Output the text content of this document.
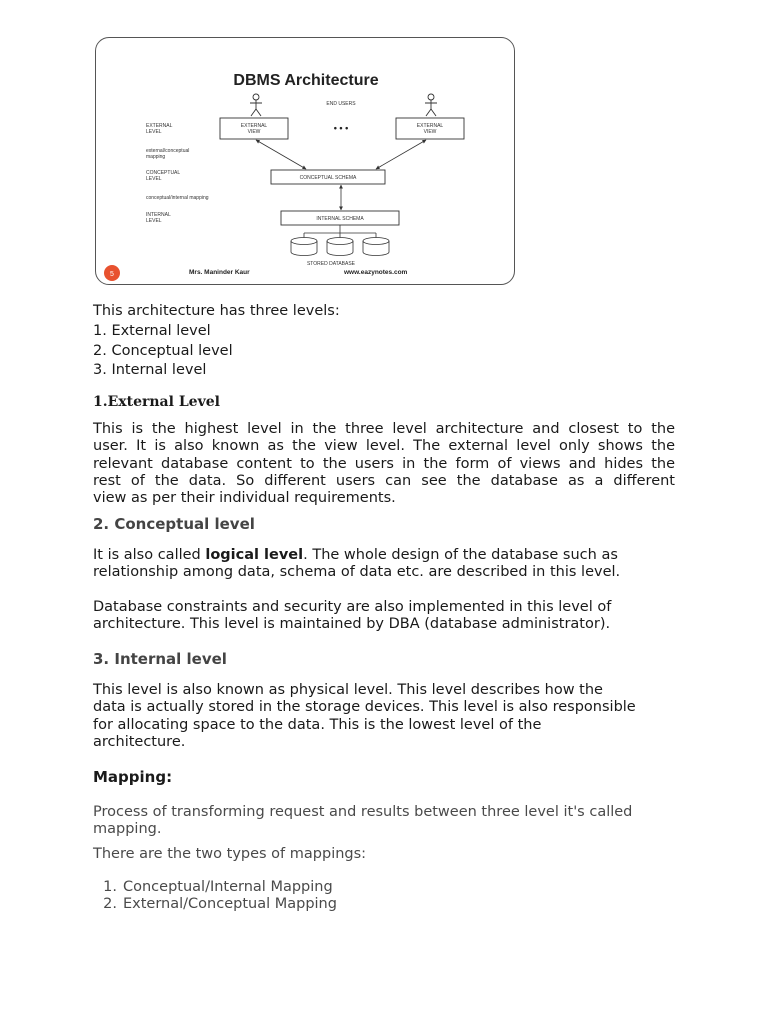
DBMS Architecture
END USERS
EXTERNAL
LEVEL
external/conceptual
mapping
CONCEPTUAL
LEVEL
conceptual/internal mapping
INTERNAL
LEVEL
EXTERNAL
VIEW	• • •	EXTERNAL
VIEW
CONCEPTUAL SCHEMA
INTERNAL SCHEMA
STORED DATABASE
5	Mrs. Maninder Kaur	www.eazynotes.com
This architecture has three levels:
1. External level
2. Conceptual level
3. Internal level
1.External Level
This is the highest level in the three level architecture and closest to the
user. It is also known as the view level. The external level only shows the
relevant database content to the users in the form of views and hides the
rest of the data. So different users can see the database as a different
view as per their individual requirements.
2. Conceptual level
It is also called logical level. The whole design of the database such as
relationship among data, schema of data etc. are described in this level.
Database constraints and security are also implemented in this level of
architecture. This level is maintained by DBA (database administrator).
3. Internal level
This level is also known as physical level. This level describes how the
data is actually stored in the storage devices. This level is also responsible
for allocating space to the data. This is the lowest level of the
architecture.
Mapping:
Process of transforming request and results between three level it's called
mapping.
There are the two types of mappings:
1. Conceptual/Internal Mapping
2. External/Conceptual Mapping
